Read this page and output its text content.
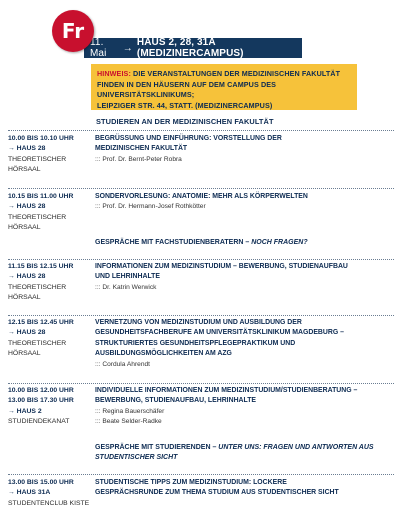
Fr 11. Mai	→ HAUS 2, 28, 31A (MEDIZINERCAMPUS)
HINWEIS: DIE VERANSTALTUNGEN DER MEDIZINISCHEN FAKULTÄT
FINDEN IN DEN HÄUSERN AUF DEM CAMPUS DES UNIVERSITÄTSKLINIKUMS;
LEIPZIGER STR. 44, STATT. (MEDIZINERCAMPUS)
STUDIEREN AN DER MEDIZINISCHEN FAKULTÄT
10.00 BIS 10.10 UHR
→ HAUS 28
THEORETISCHER
HÖRSAAL
BEGRÜSSUNG UND EINFÜHRUNG: VORSTELLUNG DER
MEDIZINISCHEN FAKULTÄT
::: Prof. Dr. Bernt-Peter Robra
10.15 BIS 11.00 UHR
→ HAUS 28
THEORETISCHER
HÖRSAAL
SONDERVORLESUNG: ANATOMIE: MEHR ALS KÖRPERWELTEN
::: Prof. Dr. Hermann-Josef Rothkötter
GESPRÄCHE MIT FACHSTUDIENBERATERN – NOCH FRAGEN?
11.15 BIS 12.15 UHR
→ HAUS 28
THEORETISCHER
HÖRSAAL
INFORMATIONEN ZUM MEDIZINSTUDIUM – BEWERBUNG, STUDIENAUFBAU
UND LEHRINHALTE
::: Dr. Katrin Werwick
12.15 BIS 12.45 UHR
→ HAUS 28
THEORETISCHER
HÖRSAAL
VERNETZUNG VON MEDIZINSTUDIUM UND AUSBILDUNG DER
GESUNDHEITSFACHBERUFE AM UNIVERSITÄTSKLINIKUM MAGDEBURG –
STRUKTURIERTES GESUNDHEITSPFLEGEPRAKTIKUM UND
AUSBILDUNGSMÖGLICHKEITEN AM AZG
::: Cordula Ahrendt
10.00 BIS 12.00 UHR
13.00 BIS 17.30 UHR
→ HAUS 2
STUDIENDEKANAT
INDIVIDUELLE INFORMATIONEN ZUM MEDIZINSTUDIUM/STUDIENBERATUNG –
BEWERBUNG, STUDIENAUFBAU, LEHRINHALTE
::: Regina Bauerschäfer
::: Beate Selder-Radke
GESPRÄCHE MIT STUDIERENDEN – UNTER UNS: FRAGEN UND ANTWORTEN AUS
STUDENTISCHER SICHT
13.00 BIS 15.00 UHR
→ HAUS 31A
STUDENTENCLUB KISTE
STUDENTISCHE TIPPS ZUM MEDIZINSTUDIUM: LOCKERE
GESPRÄCHSRUNDE ZUM THEMA STUDIUM AUS STUDENTISCHER SICHT
